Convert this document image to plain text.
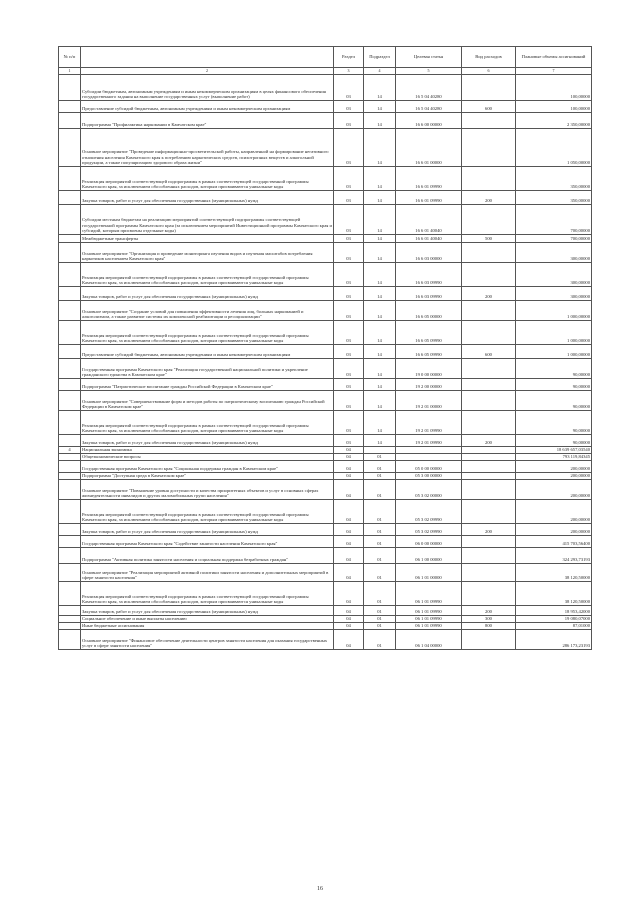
№ п/п		Раздел	Подраздел	Целевая статья	Вид расходов	Плановые объемы ассигнований
1	2	3	4	5	6	7
	Субсидии бюджетным, автономным учреждениям и иным некоммерческим организациям в целях финансового обеспечения государственного задания на выполнение государственных услуг (выполнение работ)	03	14	16 5 04 40280		100,00000
	Предоставление субсидий бюджетным, автономным учреждениям и иным некоммерческим организациям	03	14	16 5 04 40280	600	100,00000
	Подпрограмма "Профилактика наркомании в Камчатском крае"	03	14	16 6 00 00000		2 350,00000
	Основное мероприятие "Проведение информационно-просветительской работы, направленной на формирование негативного отношения населения Камчатского края к потреблению наркотических средств, психотропных веществ и алкогольной продукции, а также популяризацию здорового образа жизни"	03	14	16 6 01 00000		1 050,00000
	Реализация мероприятий соответствующей подпрограммы в рамках соответствующей государственной программы Камчатского края, за исключением обособленных расходов, которым присваиваются уникальные коды	03	14	16 6 01 09990		350,00000
	Закупка товаров, работ и услуг для обеспечения государственных (муниципальных) нужд	03	14	16 6 01 09990	200	350,00000
	Субсидии местным бюджетам на реализацию мероприятий соответствующей подпрограммы соответствующей государственной программы Камчатского края (за исключением мероприятий Инвестиционной программы Камчатского края и субсидий, которым присвоены отдельные коды)	03	14	16 6 01 40040		700,00000
	Межбюджетные трансферты	03	14	16 6 01 40040	500	700,00000
	Основное мероприятие "Организация и проведение мониторинга изучения видов и изучения масштабов потребления наркотиков населением Камчатского края"	03	14	16 6 03 00000		300,00000
	Реализация мероприятий соответствующей подпрограммы в рамках соответствующей государственной программы Камчатского края, за исключением обособленных расходов, которым присваиваются уникальные коды	03	14	16 6 03 09990		300,00000
	Закупка товаров, работ и услуг для обеспечения государственных (муниципальных) нужд	03	14	16 6 03 09990	200	300,00000
	Основное мероприятие "Создание условий для повышения эффективности лечения лиц, больных наркоманией и алкоголизмом, а также развитие системы их комплексной реабилитации и ресоциализации"	03	14	16 6 05 00000		1 000,00000
	Реализация мероприятий соответствующей подпрограммы в рамках соответствующей государственной программы Камчатского края, за исключением обособленных расходов, которым присваиваются уникальные коды	03	14	16 6 05 09990		1 000,00000
	Предоставление субсидий бюджетным, автономным учреждениям и иным некоммерческим организациям	03	14	16 6 05 09990	600	1 000,00000
	Государственная программа Камчатского края "Реализация государственной национальной политики и укрепление гражданского единства в Камчатском крае"	03	14	19 0 00 00000		90,00000
	Подпрограмма "Патриотическое воспитание граждан Российской Федерации в Камчатском крае"	03	14	19 2 00 00000		90,00000
	Основное мероприятие "Совершенствование форм и методов работы по патриотическому воспитанию граждан Российской Федерации в Камчатском крае"	03	14	19 2 01 00000		90,00000
	Реализация мероприятий соответствующей подпрограммы в рамках соответствующей государственной программы Камчатского края, за исключением обособленных расходов, которым присваиваются уникальные коды	03	14	19 2 01 09990		90,00000
	Закупка товаров, работ и услуг для обеспечения государственных (муниципальных) нужд	03	14	19 2 01 09990	200	90,00000
4	Национальная экономика	04				18 639 657,03540
	Общеэкономические вопросы	04	01			793 119,84345
	Государственная программа Камчатского края "Социальная поддержка граждан в Камчатском крае"	04	01	05 0 00 00000		200,00000
	Подпрограмма "Доступная среда в Камчатском крае"	04	01	05 3 00 00000		200,00000
	Основное мероприятие "Повышение уровня доступности и качества приоритетных объектов и услуг в основных сферах жизнедеятельности инвалидов и других маломобильных групп населения"	04	01	05 3 02 00000		200,00000
	Реализация мероприятий соответствующей подпрограммы в рамках соответствующей государственной программы Камчатского края, за исключением обособленных расходов, которым присваиваются уникальные коды	04	01	05 3 02 09990		200,00000
	Закупка товаров, работ и услуг для обеспечения государственных (муниципальных) нужд	04	01	05 3 02 09990	200	200,00000
	Государственная программа Камчатского края "Содействие занятости населения Камчатского края"	04	01	06 0 00 00000		415 703,56400
	Подпрограмма "Активная политика занятости населения и социальная поддержка безработных граждан"	04	01	06 1 00 00000		324 293,73193
	Основное мероприятие "Реализация мероприятий активной политики занятости населения и дополнительных мероприятий в сфере занятости населения"	04	01	06 1 01 00000		38 120,50000
	Реализация мероприятий соответствующей подпрограммы в рамках соответствующей государственной программы Камчатского края, за исключением обособленных расходов, которым присваиваются уникальные коды	04	01	06 1 01 09990		38 120,50000
	Закупка товаров, работ и услуг для обеспечения государственных (муниципальных) нужд	04	01	06 1 01 09990	200	18 953,42000
	Социальное обеспечение и иные выплаты населению	04	01	06 1 01 09990	300	19 080,07000
	Иные бюджетные ассигнования	04	01	06 1 01 09990	800	87,01000
	Основное мероприятие "Финансовое обеспечение деятельности центров занятости населения для оказания государственных услуг в сфере занятости населения"	04	01	06 1 04 00000		286 173,23193
16
